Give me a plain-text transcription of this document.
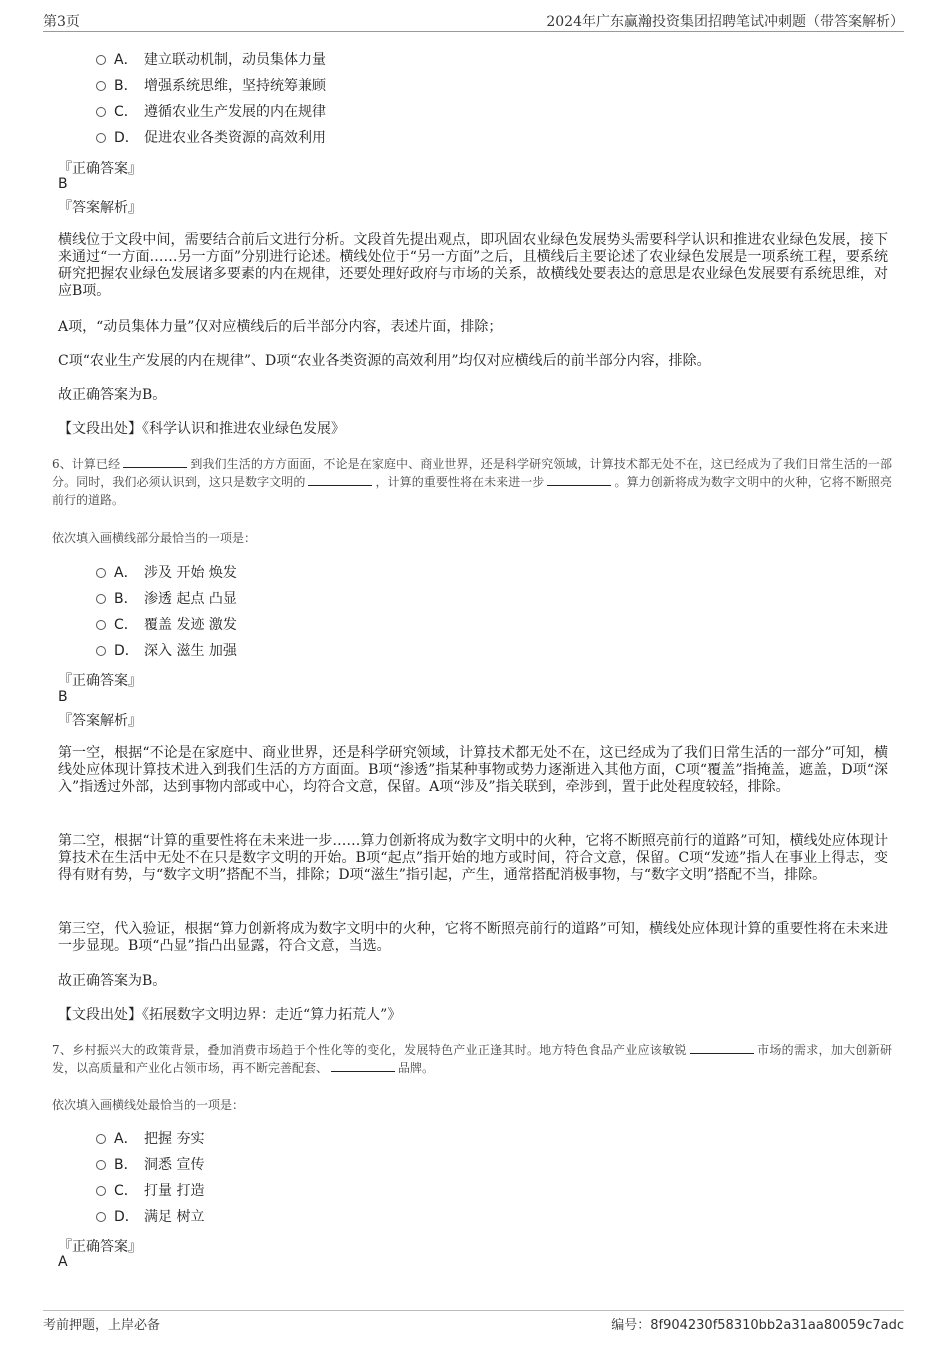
第3页	2024年广东赢瀚投资集团招聘笔试冲刺题（带答案解析）
A． 建立联动机制，动员集体力量
B． 增强系统思维，坚持统筹兼顾
C． 遵循农业生产发展的内在规律
D． 促进农业各类资源的高效利用
『正确答案』
B
『答案解析』
横线位于文段中间，需要结合前后文进行分析。文段首先提出观点，即巩固农业绿色发展势头需要科学认识和推进农业绿色发展，接下来通过“一方面……另一方面”分别进行论述。横线处位于“另一方面”之后，且横线后主要论述了农业绿色发展是一项系统工程，要系统研究把握农业绿色发展诸多要素的内在规律，还要处理好政府与市场的关系，故横线处要表达的意思是农业绿色发展要有系统思维，对应B项。
A项，“动员集体力量”仅对应横线后的后半部分内容，表述片面，排除；
C项“农业生产发展的内在规律”、D项“农业各类资源的高效利用”均仅对应横线后的前半部分内容，排除。
故正确答案为B。
【文段出处】《科学认识和推进农业绿色发展》
6、计算已经	到我们生活的方方面面，不论是在家庭中、商业世界，还是科学研究领域，计算技术都无处不在，这已经成为了我们日常生活的一部分。同时，我们必须认识到，这只是数字文明的	，计算的重要性将在未来进一步	。算力创新将成为数字文明中的火种，它将不断照亮前行的道路。
依次填入画横线部分最恰当的一项是：
A． 涉及 开始 焕发
B． 渗透 起点 凸显
C． 覆盖 发迹 激发
D． 深入 滋生 加强
『正确答案』
B
『答案解析』
第一空，根据“不论是在家庭中、商业世界，还是科学研究领域，计算技术都无处不在，这已经成为了我们日常生活的一部分”可知，横线处应体现计算技术进入到我们生活的方方面面。B项“渗透”指某种事物或势力逐渐进入其他方面，C项“覆盖”指掩盖，遮盖，D项“深入”指透过外部，达到事物内部或中心，均符合文意，保留。A项“涉及”指关联到，牵涉到，置于此处程度较轻，排除。
第二空，根据“计算的重要性将在未来进一步……算力创新将成为数字文明中的火种，它将不断照亮前行的道路”可知，横线处应体现计算技术在生活中无处不在只是数字文明的开始。B项“起点”指开始的地方或时间，符合文意，保留。C项“发迹”指人在事业上得志，变得有财有势，与“数字文明”搭配不当，排除；D项“滋生”指引起，产生，通常搭配消极事物，与“数字文明”搭配不当，排除。
第三空，代入验证，根据“算力创新将成为数字文明中的火种，它将不断照亮前行的道路”可知，横线处应体现计算的重要性将在未来进一步显现。B项“凸显”指凸出显露，符合文意，当选。
故正确答案为B。
【文段出处】《拓展数字文明边界：走近“算力拓荒人”》
7、乡村振兴大的政策背景，叠加消费市场趋于个性化等的变化，发展特色产业正逢其时。地方特色食品产业应该敏锐	市场的需求，加大创新研发，以高质量和产业化占领市场，再不断完善配套、	品牌。
依次填入画横线处最恰当的一项是：
A． 把握 夯实
B． 洞悉 宣传
C． 打量 打造
D． 满足 树立
『正确答案』
A
考前押题，上岸必备	编号：8f904230f58310bb2a31aa80059c7adc
